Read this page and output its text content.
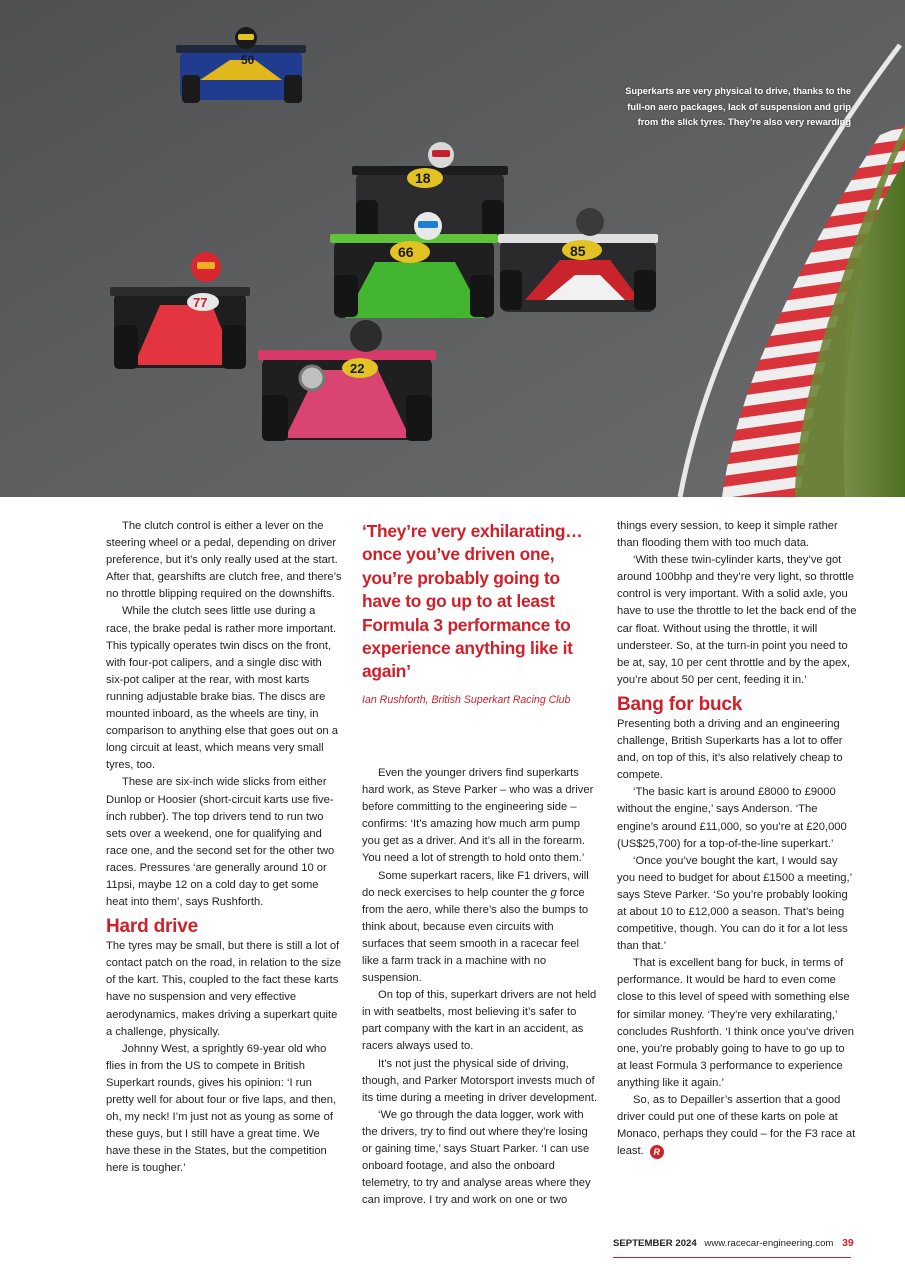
50
18
85
66
77
22
Superkarts are very physical to drive, thanks to the full-on aero packages, lack of suspension and grip from the slick tyres. They’re also very rewarding

The clutch control is either a lever on the steering wheel or a pedal, depending on driver preference, but it’s only really used at the start. After that, gearshifts are clutch free, and there’s no throttle blipping required on the downshifts.

While the clutch sees little use during a race, the brake pedal is rather more important. This typically operates twin discs on the front, with four-pot calipers, and a single disc with six-pot caliper at the rear, with most karts running adjustable brake bias. The discs are mounted inboard, as the wheels are tiny, in comparison to anything else that goes out on a long circuit at least, which means very small tyres, too.

These are six-inch wide slicks from either Dunlop or Hoosier (short-circuit karts use five-inch rubber). The top drivers tend to run two sets over a weekend, one for qualifying and race one, and the second set for the other two races. Pressures ‘are generally around 10 or 11psi, maybe 12 on a cold day to get some heat into them’, says Rushforth.

Hard drive

The tyres may be small, but there is still a lot of contact patch on the road, in relation to the size of the kart. This, coupled to the fact these karts have no suspension and very effective aerodynamics, makes driving a superkart quite a challenge, physically.

Johnny West, a sprightly 69-year old who flies in from the US to compete in British Superkart rounds, gives his opinion: ‘I run pretty well for about four or five laps, and then, oh, my neck! I’m just not as young as some of these guys, but I still have a great time. We have these in the States, but the competition here is tougher.’

‘They’re very exhilarating… once you’ve driven one, you’re probably going to have to go up to at least Formula 3 performance to experience anything like it again’
Ian Rushforth, British Superkart Racing Club

Even the younger drivers find superkarts hard work, as Steve Parker – who was a driver before committing to the engineering side – confirms: ‘It’s amazing how much arm pump you get as a driver. And it’s all in the forearm. You need a lot of strength to hold onto them.’

Some superkart racers, like F1 drivers, will do neck exercises to help counter the g force from the aero, while there’s also the bumps to think about, because even circuits with surfaces that seem smooth in a racecar feel like a farm track in a machine with no suspension.

On top of this, superkart drivers are not held in with seatbelts, most believing it’s safer to part company with the kart in an accident, as racers always used to.

It’s not just the physical side of driving, though, and Parker Motorsport invests much of its time during a meeting in driver development.

‘We go through the data logger, work with the drivers, try to find out where they’re losing or gaining time,’ says Stuart Parker. ‘I can use onboard footage, and also the onboard telemetry, to try and analyse areas where they can improve. I try and work on one or two

things every session, to keep it simple rather than flooding them with too much data.

‘With these twin-cylinder karts, they’ve got around 100bhp and they’re very light, so throttle control is very important. With a solid axle, you have to use the throttle to let the back end of the car float. Without using the throttle, it will understeer. So, at the turn-in point you need to be at, say, 10 per cent throttle and by the apex, you’re about 50 per cent, feeding it in.’

Bang for buck

Presenting both a driving and an engineering challenge, British Superkarts has a lot to offer and, on top of this, it’s also relatively cheap to compete.

‘The basic kart is around £8000 to £9000 without the engine,’ says Anderson. ‘The engine’s around £11,000, so you’re at £20,000 (US$25,700) for a top-of-the-line superkart.’

‘Once you’ve bought the kart, I would say you need to budget for about £1500 a meeting,’ says Steve Parker. ‘So you’re probably looking at about 10 to £12,000 a season. That’s being competitive, though. You can do it for a lot less than that.’

That is excellent bang for buck, in terms of performance. It would be hard to even come close to this level of speed with something else for similar money. ‘They’re very exhilarating,’ concludes Rushforth. ‘I think once you’ve driven one, you’re probably going to have to go up to at least Formula 3 performance to experience anything like it again.’

So, as to Depailler’s assertion that a good driver could put one of these karts on pole at Monaco, perhaps they could – for the F3 race at least. R

SEPTEMBER 2024 www.racecar-engineering.com 39
